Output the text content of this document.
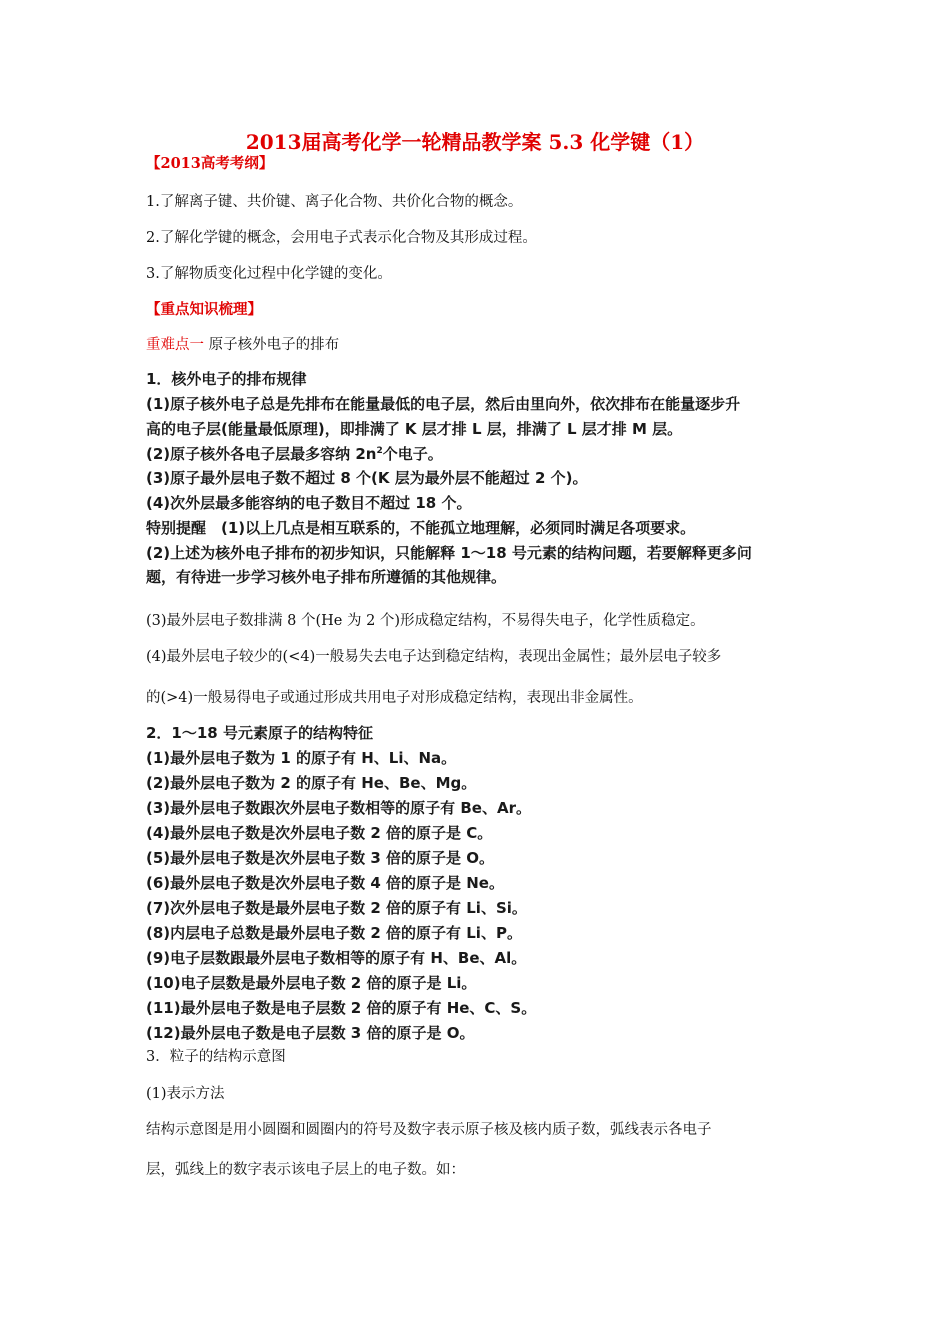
2013届高考化学一轮精品教学案 5.3 化学键（1）
【2013高考考纲】
1.了解离子键、共价键、离子化合物、共价化合物的概念。
2.了解化学键的概念，会用电子式表示化合物及其形成过程。
3.了解物质变化过程中化学键的变化。
【重点知识梳理】
重难点一 原子核外电子的排布
1．核外电子的排布规律
(1)原子核外电子总是先排布在能量最低的电子层，然后由里向外，依次排布在能量逐步升
高的电子层(能量最低原理)，即排满了 K 层才排 L 层，排满了 L 层才排 M 层。
(2)原子核外各电子层最多容纳 $2n^2$个电子。
(3)原子最外层电子数不超过 8 个(K 层为最外层不能超过 2 个)。
(4)次外层最多能容纳的电子数目不超过 18 个。
特别提醒　(1)以上几点是相互联系的，不能孤立地理解，必须同时满足各项要求。
(2)上述为核外电子排布的初步知识，只能解释 1～18 号元素的结构问题，若要解释更多问
题，有待进一步学习核外电子排布所遵循的其他规律。
(3)最外层电子数排满 8 个(He 为 2 个)形成稳定结构，不易得失电子，化学性质稳定。
(4)最外层电子较少的(<4)一般易失去电子达到稳定结构，表现出金属性；最外层电子较多
的(>4)一般易得电子或通过形成共用电子对形成稳定结构，表现出非金属性。
2．1～18 号元素原子的结构特征
(1)最外层电子数为 1 的原子有 H、Li、Na。
(2)最外层电子数为 2 的原子有 He、Be、Mg。
(3)最外层电子数跟次外层电子数相等的原子有 Be、Ar。
(4)最外层电子数是次外层电子数 2 倍的原子是 C。
(5)最外层电子数是次外层电子数 3 倍的原子是 O。
(6)最外层电子数是次外层电子数 4 倍的原子是 Ne。
(7)次外层电子数是最外层电子数 2 倍的原子有 Li、Si。
(8)内层电子总数是最外层电子数 2 倍的原子有 Li、P。
(9)电子层数跟最外层电子数相等的原子有 H、Be、Al。
(10)电子层数是最外层电子数 2 倍的原子是 Li。
(11)最外层电子数是电子层数 2 倍的原子有 He、C、S。
(12)最外层电子数是电子层数 3 倍的原子是 O。
3．粒子的结构示意图
(1)表示方法
结构示意图是用小圆圈和圆圈内的符号及数字表示原子核及核内质子数，弧线表示各电子
层，弧线上的数字表示该电子层上的电子数。如：
